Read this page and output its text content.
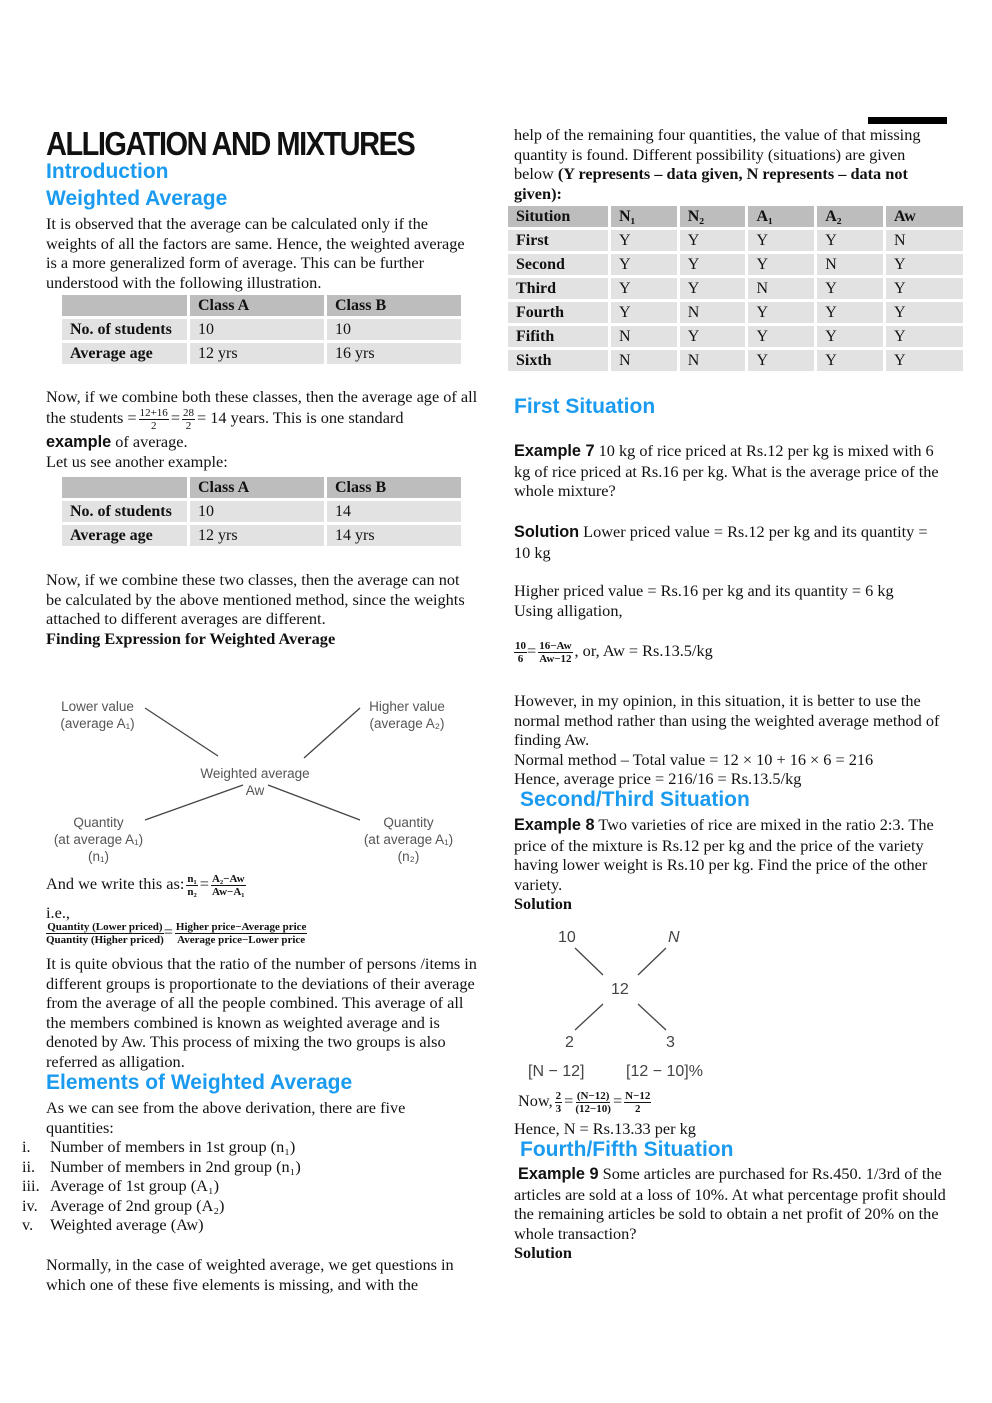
ALLIGATION AND MIXTURES
Introduction
Weighted Average
It is observed that the average can be calculated only if the weights of all the factors are same. Hence, the weighted average is a more generalized form of average. This can be further understood with the following illustration.
	Class A	Class B
No. of students	10	10
Average age	12 yrs	16 yrs
Now, if we combine both these classes, then the average age of all the students = $\frac{12+16}{2} = \frac{28}{2} = 14$ years. This is one standard
example of average.
Let us see another example:
	Class A	Class B
No. of students	10	14
Average age	12 yrs	14 yrs
Now, if we combine these two classes, then the average can not be calculated by the above mentioned method, since the weights attached to different averages are different.
Finding Expression for Weighted Average
Lower value
(average A₁)
Higher value
(average A₂)
Weighted average
Aw
Quantity
(at average A₁)
(n₁)
Quantity
(at average A₁)
(n₂)
And we write this as: $\frac{\text{n₁}}{\text{n₂}} = \frac{\text{A₂−Aw}}{\text{Aw−A₁}}$
i.e.,
$\frac{\text{Quantity (Lower priced)}}{\text{Quantity (Higher priced)}} = \frac{\text{Higher price−Average price}}{\text{Average price−Lower price}}$
It is quite obvious that the ratio of the number of persons /items in different groups is proportionate to the deviations of their average from the average of all the people combined. This average of all the members combined is known as weighted average and is denoted by Aw. This process of mixing the two groups is also referred as alligation.
Elements of Weighted Average
As we can see from the above derivation, there are five quantities:
i. Number of members in 1st group (n₁)
ii. Number of members in 2nd group (n₁)
iii. Average of 1st group (A₁)
iv. Average of 2nd group (A₂)
v. Weighted average (Aw)
Normally, in the case of weighted average, we get questions in which one of these five elements is missing, and with the
help of the remaining four quantities, the value of that missing quantity is found. Different possibility (situations) are given below (Y represents – data given, N represents – data not given):
Sitution	N₁	N₂	A₁	A₂	Aw
First	Y	Y	Y	Y	N
Second	Y	Y	Y	N	Y
Third	Y	Y	N	Y	Y
Fourth	Y	N	Y	Y	Y
Fifith	N	Y	Y	Y	Y
Sixth	N	N	Y	Y	Y
First Situation
Example 7 10 kg of rice priced at Rs.12 per kg is mixed with 6 kg of rice priced at Rs.16 per kg. What is the average price of the whole mixture?
Solution Lower priced value = Rs.12 per kg and its quantity = 10 kg
Higher priced value = Rs.16 per kg and its quantity = 6 kg
Using alligation,
$\frac{10}{6} = \frac{16-Aw}{Aw-12}$ , or, Aw = Rs.13.5/kg
However, in my opinion, in this situation, it is better to use the normal method rather than using the weighted average method of finding Aw.
Normal method – Total value = 12 × 10 + 16 × 6 = 216
Hence, average price = 216/16 = Rs.13.5/kg
Second/Third Situation
Example 8 Two varieties of rice are mixed in the ratio 2:3. The price of the mixture is Rs.12 per kg and the price of the variety having lower weight is Rs.10 per kg. Find the price of the other variety.
Solution
10	N
12
2	3
[N − 12]	[12 − 10]%
Now, $\frac{2}{3} = \frac{(N-12)}{(12-10)} = \frac{N-12}{2}$
Hence, N = Rs.13.33 per kg
Fourth/Fifth Situation
Example 9 Some articles are purchased for Rs.450. 1/3rd of the articles are sold at a loss of 10%. At what percentage profit should the remaining articles be sold to obtain a net profit of 20% on the whole transaction?
Solution
